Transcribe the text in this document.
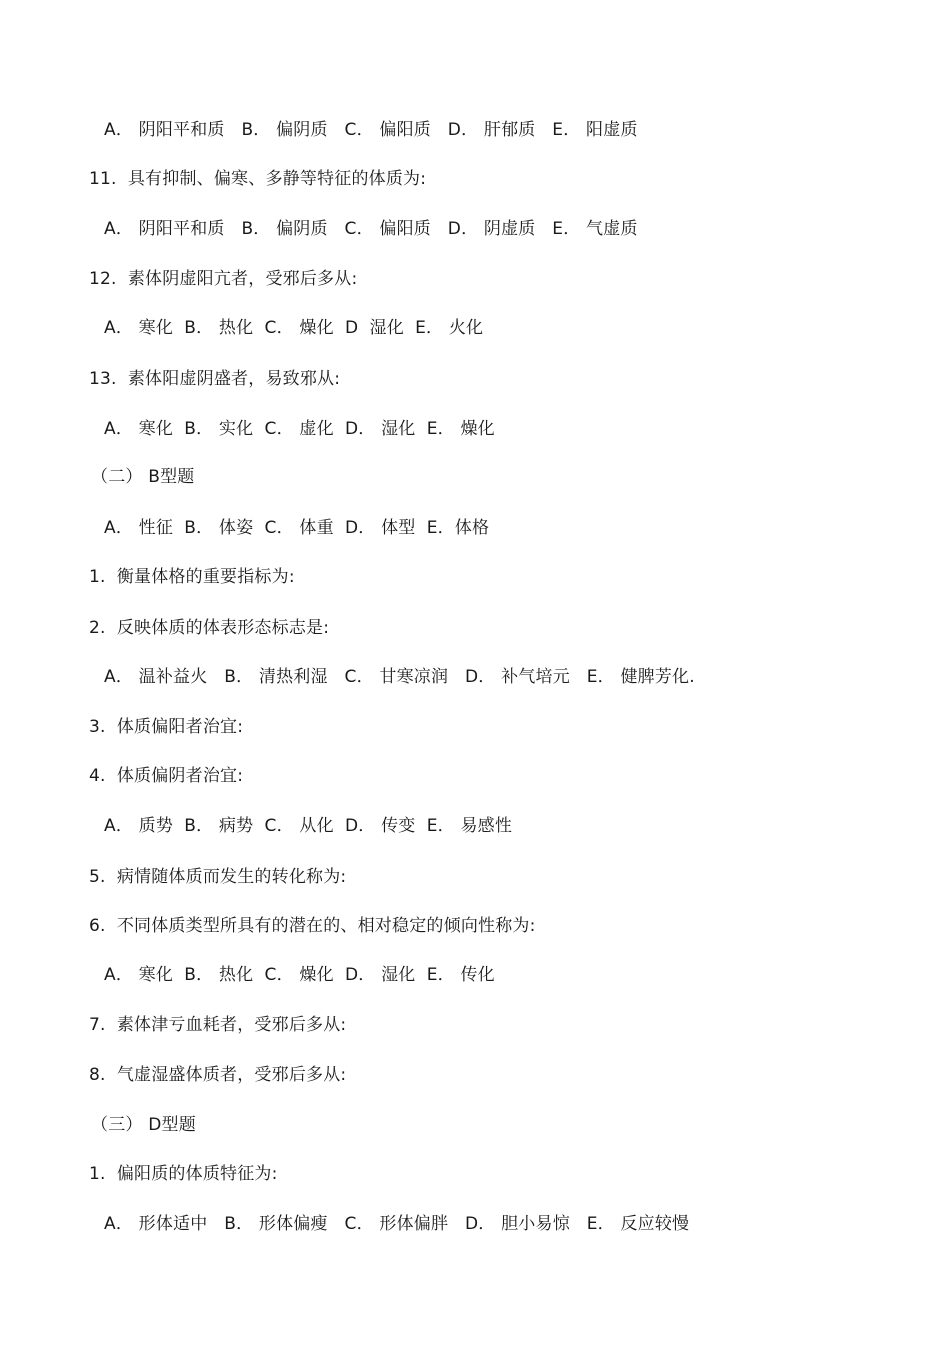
A． 阴阳平和质   B． 偏阴质   C． 偏阳质   D． 肝郁质   E． 阳虚质
11.  具有抑制、偏寒、多静等特征的体质为:
A． 阴阳平和质   B． 偏阴质   C． 偏阳质   D． 阴虚质   E． 气虚质
12.  素体阴虚阳亢者，受邪后多从:
A． 寒化  B． 热化  C． 燥化  D  湿化  E． 火化
13.  素体阳虚阴盛者，易致邪从:
A． 寒化  B． 实化  C． 虚化  D． 湿化  E． 燥化
（二） B型题
A． 性征  B． 体姿  C． 体重  D． 体型  E．体格
1.  衡量体格的重要指标为:
2.  反映体质的体表形态标志是:
A． 温补益火   B． 清热利湿   C． 甘寒凉润   D． 补气培元   E． 健脾芳化.
3.  体质偏阳者治宜:
4.  体质偏阴者治宜:
A． 质势  B． 病势  C． 从化  D． 传变  E． 易感性
5.  病情随体质而发生的转化称为:
6.  不同体质类型所具有的潜在的、相对稳定的倾向性称为:
A． 寒化  B． 热化  C． 燥化  D． 湿化  E． 传化
7.  素体津亏血耗者，受邪后多从:
8.  气虚湿盛体质者，受邪后多从:
（三） D型题
1.  偏阳质的体质特征为:
A． 形体适中   B． 形体偏瘦   C． 形体偏胖   D． 胆小易惊   E． 反应较慢
